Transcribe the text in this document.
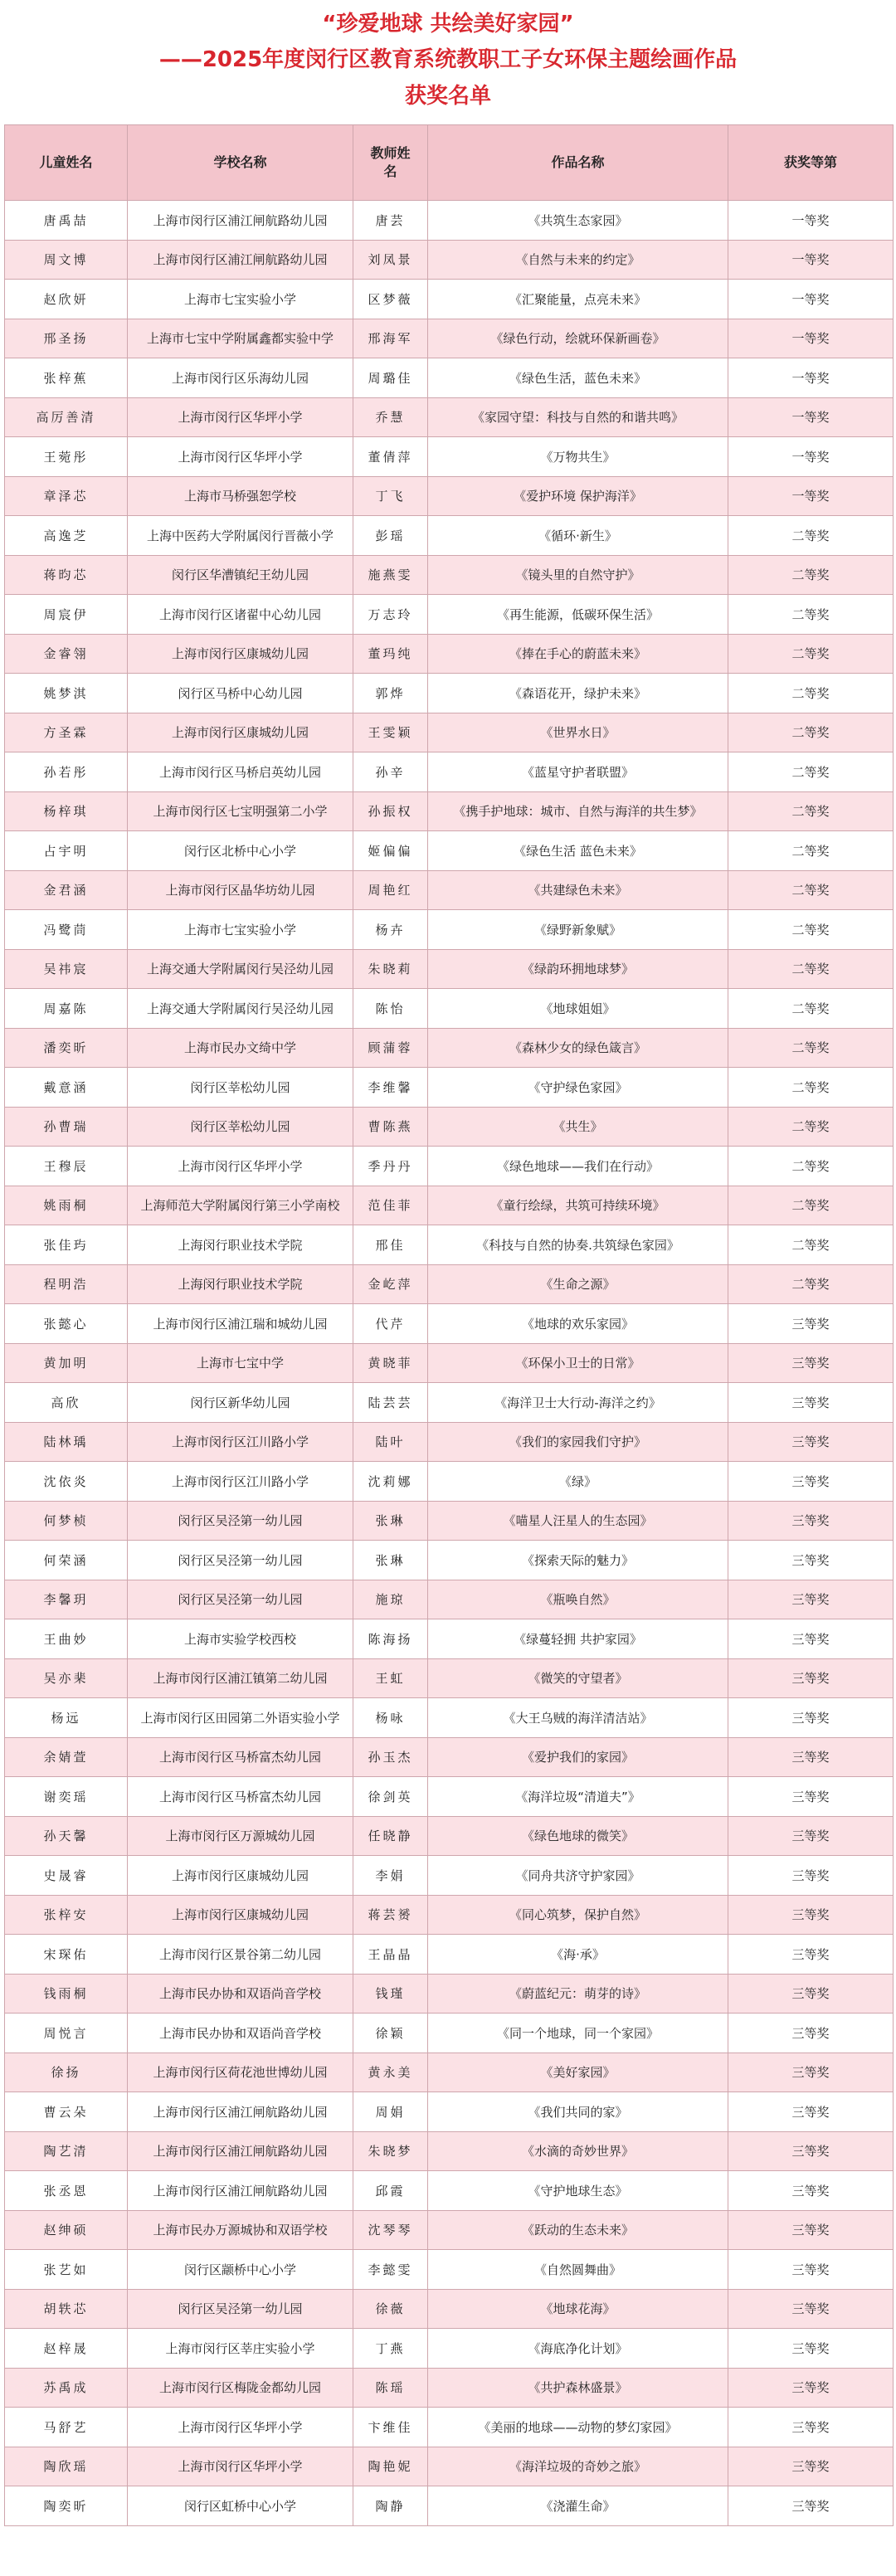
“珍爱地球 共绘美好家园”
——2025年度闵行区教育系统教职工子女环保主题绘画作品
获奖名单
儿童姓名	学校名称	教师姓名	作品名称	获奖等第
唐禹喆	上海市闵行区浦江闸航路幼儿园	唐芸	《共筑生态家园》	一等奖
周文博	上海市闵行区浦江闸航路幼儿园	刘凤景	《自然与未来的约定》	一等奖
赵欣妍	上海市七宝实验小学	区梦薇	《汇聚能量，点亮未来》	一等奖
邢圣扬	上海市七宝中学附属鑫都实验中学	邢海军	《绿色行动，绘就环保新画卷》	一等奖
张梓蕉	上海市闵行区乐海幼儿园	周璐佳	《绿色生活，蓝色未来》	一等奖
高厉善清	上海市闵行区华坪小学	乔慧	《家园守望：科技与自然的和谐共鸣》	一等奖
王菀彤	上海市闵行区华坪小学	董倩萍	《万物共生》	一等奖
章泽芯	上海市马桥强恕学校	丁飞	《爱护环境 保护海洋》	一等奖
高逸芝	上海中医药大学附属闵行晋薇小学	彭瑶	《循环·新生》	二等奖
蒋昀芯	闵行区华漕镇纪王幼儿园	施燕雯	《镜头里的自然守护》	二等奖
周宸伊	上海市闵行区诸翟中心幼儿园	万志玲	《再生能源，低碳环保生活》	二等奖
金睿翎	上海市闵行区康城幼儿园	董玛纯	《捧在手心的蔚蓝未来》	二等奖
姚梦淇	闵行区马桥中心幼儿园	郭烨	《森语花开，绿护未来》	二等奖
方圣霖	上海市闵行区康城幼儿园	王雯颖	《世界水日》	二等奖
孙若彤	上海市闵行区马桥启英幼儿园	孙辛	《蓝星守护者联盟》	二等奖
杨梓琪	上海市闵行区七宝明强第二小学	孙振权	《携手护地球：城市、自然与海洋的共生梦》	二等奖
占宇明	闵行区北桥中心小学	姬偏偏	《绿色生活 蓝色未来》	二等奖
金君涵	上海市闵行区晶华坊幼儿园	周艳红	《共建绿色未来》	二等奖
冯鹭茼	上海市七宝实验小学	杨卉	《绿野新象赋》	二等奖
吴祎宸	上海交通大学附属闵行吴泾幼儿园	朱晓莉	《绿韵环拥地球梦》	二等奖
周嘉陈	上海交通大学附属闵行吴泾幼儿园	陈怡	《地球姐姐》	二等奖
潘奕昕	上海市民办文绮中学	顾蒲蓉	《森林少女的绿色箴言》	二等奖
戴意涵	闵行区莘松幼儿园	李维馨	《守护绿色家园》	二等奖
孙曹瑞	闵行区莘松幼儿园	曹陈燕	《共生》	二等奖
王穆辰	上海市闵行区华坪小学	季丹丹	《绿色地球——我们在行动》	二等奖
姚雨桐	上海师范大学附属闵行第三小学南校	范佳菲	《童行绘绿，共筑可持续环境》	二等奖
张佳玙	上海闵行职业技术学院	邢佳	《科技与自然的协奏.共筑绿色家园》	二等奖
程明浩	上海闵行职业技术学院	金屹萍	《生命之源》	二等奖
张懿心	上海市闵行区浦江瑞和城幼儿园	代芹	《地球的欢乐家园》	三等奖
黄加明	上海市七宝中学	黄晓菲	《环保小卫士的日常》	三等奖
高欣	闵行区新华幼儿园	陆芸芸	《海洋卫士大行动-海洋之约》	三等奖
陆林瑀	上海市闵行区江川路小学	陆叶	《我们的家园我们守护》	三等奖
沈依炎	上海市闵行区江川路小学	沈莉娜	《绿》	三等奖
何梦桢	闵行区吴泾第一幼儿园	张琳	《喵星人汪星人的生态园》	三等奖
何荣涵	闵行区吴泾第一幼儿园	张琳	《探索天际的魅力》	三等奖
李馨玥	闵行区吴泾第一幼儿园	施琼	《瓶唤自然》	三等奖
王曲妙	上海市实验学校西校	陈海扬	《绿蔓轻拥 共护家园》	三等奖
吴亦棐	上海市闵行区浦江镇第二幼儿园	王虹	《微笑的守望者》	三等奖
杨远	上海市闵行区田园第二外语实验小学	杨咏	《大王乌贼的海洋清洁站》	三等奖
余婧萱	上海市闵行区马桥富杰幼儿园	孙玉杰	《爱护我们的家园》	三等奖
谢奕瑶	上海市闵行区马桥富杰幼儿园	徐剑英	《海洋垃圾“清道夫”》	三等奖
孙天馨	上海市闵行区万源城幼儿园	任晓静	《绿色地球的微笑》	三等奖
史晟睿	上海市闵行区康城幼儿园	李娟	《同舟共济守护家园》	三等奖
张梓安	上海市闵行区康城幼儿园	蒋芸赟	《同心筑梦，保护自然》	三等奖
宋琛佑	上海市闵行区景谷第二幼儿园	王晶晶	《海·承》	三等奖
钱雨桐	上海市民办协和双语尚音学校	钱瑾	《蔚蓝纪元：萌芽的诗》	三等奖
周悦言	上海市民办协和双语尚音学校	徐颖	《同一个地球，同一个家园》	三等奖
徐扬	上海市闵行区荷花池世博幼儿园	黄永美	《美好家园》	三等奖
曹云朵	上海市闵行区浦江闸航路幼儿园	周娟	《我们共同的家》	三等奖
陶艺清	上海市闵行区浦江闸航路幼儿园	朱晓梦	《水滴的奇妙世界》	三等奖
张丞恩	上海市闵行区浦江闸航路幼儿园	邱霞	《守护地球生态》	三等奖
赵绅硕	上海市民办万源城协和双语学校	沈琴琴	《跃动的生态未来》	三等奖
张艺如	闵行区颛桥中心小学	李懿雯	《自然圆舞曲》	三等奖
胡轶芯	闵行区吴泾第一幼儿园	徐薇	《地球花海》	三等奖
赵梓晟	上海市闵行区莘庄实验小学	丁燕	《海底净化计划》	三等奖
苏禹成	上海市闵行区梅陇金都幼儿园	陈瑶	《共护森林盛景》	三等奖
马舒艺	上海市闵行区华坪小学	卞维佳	《美丽的地球——动物的梦幻家园》	三等奖
陶欣瑶	上海市闵行区华坪小学	陶艳妮	《海洋垃圾的奇妙之旅》	三等奖
陶奕昕	闵行区虹桥中心小学	陶静	《浇灌生命》	三等奖
